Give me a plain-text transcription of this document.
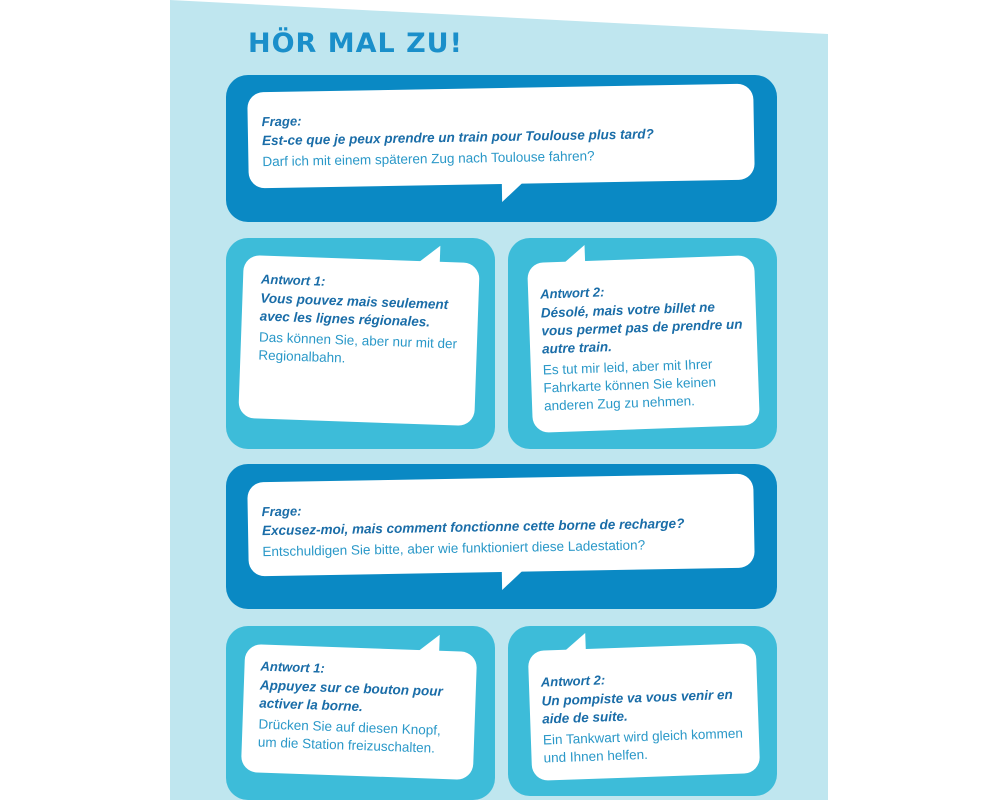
HÖR MAL ZU!
Frage:
Est-ce que je peux prendre un train pour Toulouse plus tard?
Darf ich mit einem späteren Zug nach Toulouse fahren?
Antwort 1:
Vous pouvez mais seulement avec les lignes régionales.
Das können Sie, aber nur mit der Regionalbahn.
Antwort 2:
Désolé, mais votre billet ne vous permet pas de prendre un autre train.
Es tut mir leid, aber mit Ihrer Fahrkarte können Sie keinen anderen Zug zu nehmen.
Frage:
Excusez-moi, mais comment fonctionne cette borne de recharge?
Entschuldigen Sie bitte, aber wie funktioniert diese Ladestation?
Antwort 1:
Appuyez sur ce bouton pour activer la borne.
Drücken Sie auf diesen Knopf, um die Station freizuschalten.
Antwort 2:
Un pompiste va vous venir en aide de suite.
Ein Tankwart wird gleich kommen und Ihnen helfen.
